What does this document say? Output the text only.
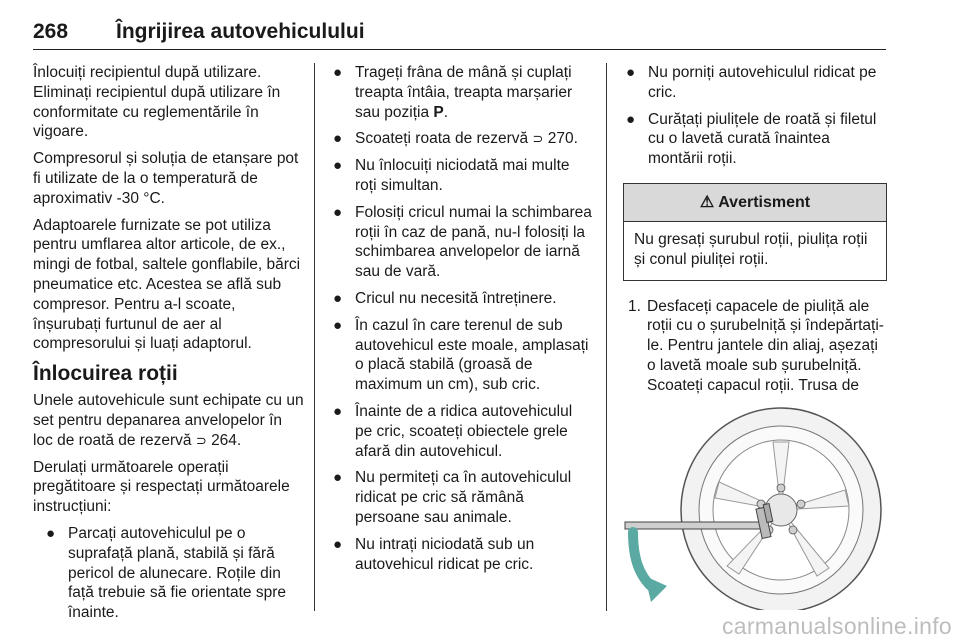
268 Îngrijirea autovehiculului

Înlocuiți recipientul după utilizare. Eliminați recipientul după utilizare în conformitate cu reglementările în vigoare.

Compresorul și soluția de etanșare pot fi utilizate de la o temperatură de aproximativ -30 °C.

Adaptoarele furnizate se pot utiliza pentru umflarea altor articole, de ex., mingi de fotbal, saltele gonflabile, bărci pneumatice etc. Acestea se află sub compresor. Pentru a-l scoate, înșurubați furtunul de aer al compresorului și luați adaptorul.

Înlocuirea roții

Unele autovehicule sunt echipate cu un set pentru depanarea anvelopelor în loc de roată de rezervă ⊃ 264.

Derulați următoarele operații pregătitoare și respectați următoarele instrucțiuni:

● Parcați autovehiculul pe o suprafață plană, stabilă și fără pericol de alunecare. Roțile din față trebuie să fie orientate spre înainte.
● Trageți frâna de mână și cuplați treapta întâia, treapta marșarier sau poziția P.
● Scoateți roata de rezervă ⊃ 270.
● Nu înlocuiți niciodată mai multe roți simultan.
● Folosiți cricul numai la schimbarea roții în caz de pană, nu-l folosiți la schimbarea anvelopelor de iarnă sau de vară.
● Cricul nu necesită întreținere.
● În cazul în care terenul de sub autovehicul este moale, amplasați o placă stabilă (groasă de maximum un cm), sub cric.
● Înainte de a ridica autovehiculul pe cric, scoateți obiectele grele afară din autovehicul.
● Nu permiteți ca în autovehiculul ridicat pe cric să rămână persoane sau animale.
● Nu intrați niciodată sub un autovehicul ridicat pe cric.
● Nu porniți autovehiculul ridicat pe cric.
● Curățați piulițele de roată și filetul cu o lavetă curată înaintea montării roții.
⚠ Avertisment
Nu gresați șurubul roții, piulița roții și conul piuliței roții.
1. Desfaceți capacele de piuliță ale roții cu o șurubelniță și îndepărtați-le. Pentru jantele din aliaj, așezați o lavetă moale sub șurubelniță. Scoateți capacul roții. Trusa de

carmanualsonline.info
